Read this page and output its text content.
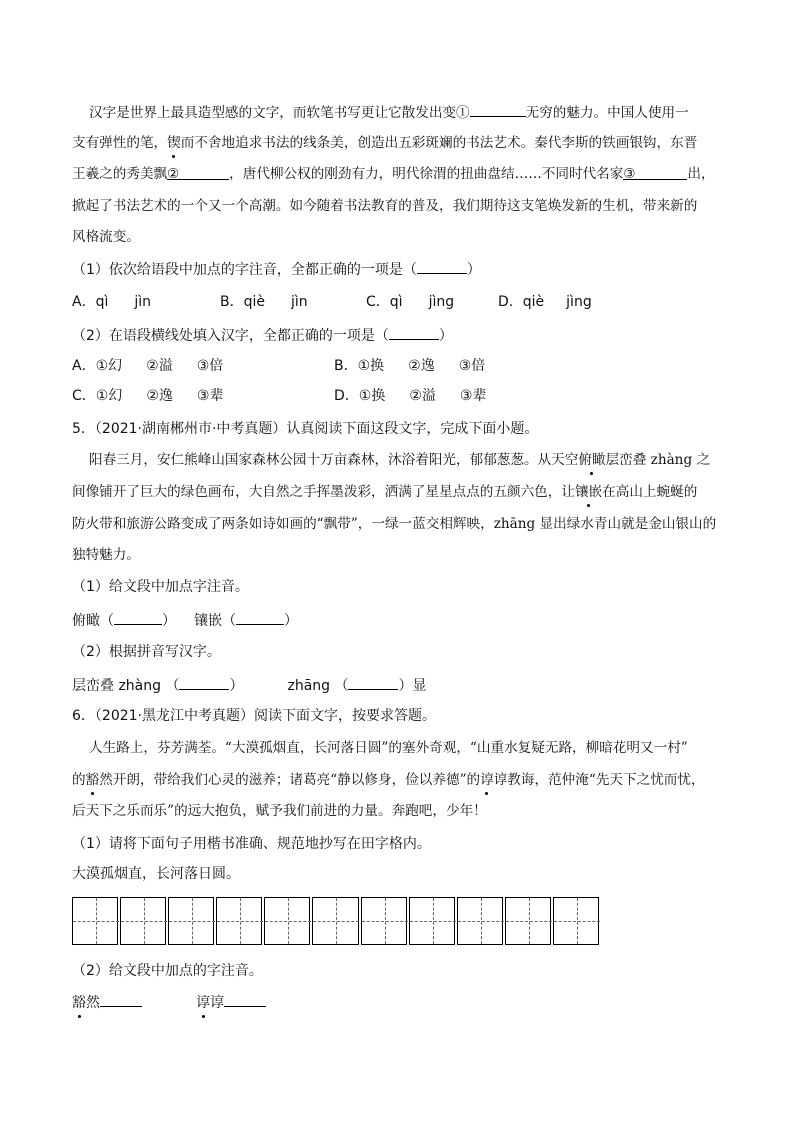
汉字是世界上最具造型感的文字，而软笔书写更让它散发出变①	无穷的魅力。中国人使用一
支有弹性的笔，锲而不舍地追求书法的线条美，创造出五彩斑斓的书法艺术。秦代李斯的铁画银钩，东晋
王羲之的秀美飘②	，唐代柳公权的刚劲有力，明代徐渭的扭曲盘结……不同时代名家③	出，
掀起了书法艺术的一个又一个高潮。如今随着书法教育的普及，我们期待这支笔焕发新的生机，带来新的
风格流变。
（1）依次给语段中加点的字注音，全都正确的一项是（	）
A．qì jìn	B．qiè jìn	C．qì jìng	D．qiè jìng
（2）在语段横线处填入汉字，全都正确的一项是（	）
A．①幻 ②溢 ③倍	B．①换 ②逸 ③倍
C．①幻 ②逸 ③辈	D．①换 ②溢 ③辈
5．（2021·湖南郴州市·中考真题）认真阅读下面这段文字，完成下面小题。
阳春三月，安仁熊峰山国家森林公园十万亩森林，沐浴着阳光，郁郁葱葱。从天空俯瞰层峦叠 zhàng 之
间像铺开了巨大的绿色画布，大自然之手挥墨泼彩，洒满了星星点点的五颜六色，让镶嵌在高山上蜿蜒的
防火带和旅游公路变成了两条如诗如画的“飘带”，一绿一蓝交相辉映，zhāng 显出绿水青山就是金山银山的
独特魅力。
（1）给文段中加点字注音。
俯瞰（	） 镶嵌（	）
（2）根据拼音写汉字。
层峦叠 zhàng （	）	zhāng （	）显
6．（2021·黑龙江中考真题）阅读下面文字，按要求答题。
人生路上，芬芳满荃。“大漠孤烟直，长河落日圆”的塞外奇观，“山重水复疑无路，柳暗花明又一村”
的豁然开朗，带给我们心灵的滋养；诸葛亮“静以修身，俭以养德”的谆谆教诲，范仲淹“先天下之忧而忧，
后天下之乐而乐”的远大抱负，赋予我们前进的力量。奔跑吧，少年！
（1）请将下面句子用楷书准确、规范地抄写在田字格内。
大漠孤烟直，长河落日圆。
（2）给文段中加点的字注音。
豁然	谆谆
